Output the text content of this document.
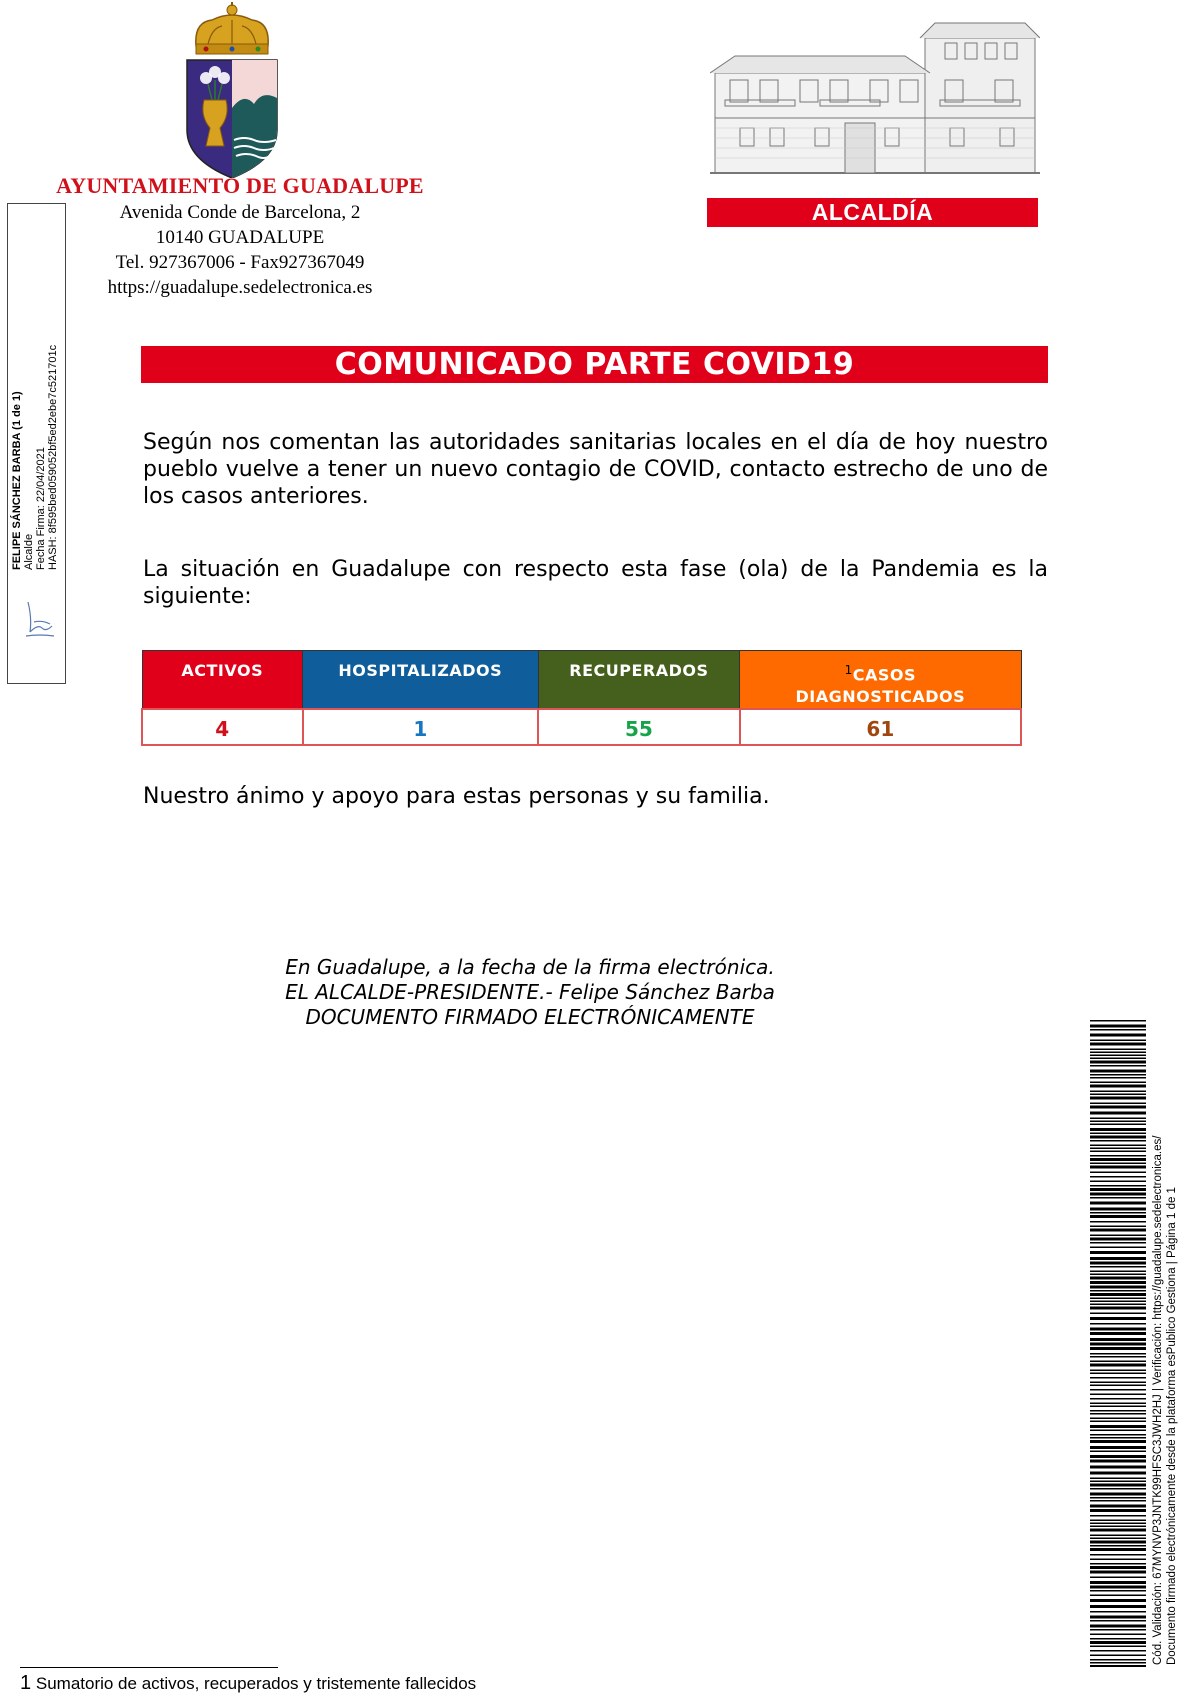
AYUNTAMIENTO DE GUADALUPE
Avenida Conde de Barcelona, 2
10140 GUADALUPE
Tel. 927367006 - Fax927367049
https://guadalupe.sedelectronica.es
ALCALDÍA
FELIPE SÁNCHEZ BARBA (1 de 1) Alcalde Fecha Firma: 22/04/2021 HASH: 8f595bed059052bf5ed2ebe7c521701c	COMUNICADO PARTE COVID19
Según nos comentan las autoridades sanitarias locales en el día de hoy nuestro pueblo vuelve a tener un nuevo contagio de COVID, contacto estrecho de uno de los casos anteriores.
La situación en Guadalupe con respecto esta fase (ola) de la Pandemia es la siguiente:
ACTIVOS	HOSPITALIZADOS	RECUPERADOS	$^1$CASOS
DIAGNOSTICADOS
4	1	55	61
Nuestro ánimo y apoyo para estas personas y su familia.
En Guadalupe, a la fecha de la firma electrónica.
EL ALCALDE-PRESIDENTE.- Felipe Sánchez Barba
DOCUMENTO FIRMADO ELECTRÓNICAMENTE
Cód. Validación: 67MYNVP3JNTK99HFSC3JWH2HJ | Verificación: https://guadalupe.sedelectronica.es/ Documento firmado electrónicamente desde la plataforma esPublico Gestiona | Página 1 de 1
1 Sumatorio de activos, recuperados y tristemente fallecidos
